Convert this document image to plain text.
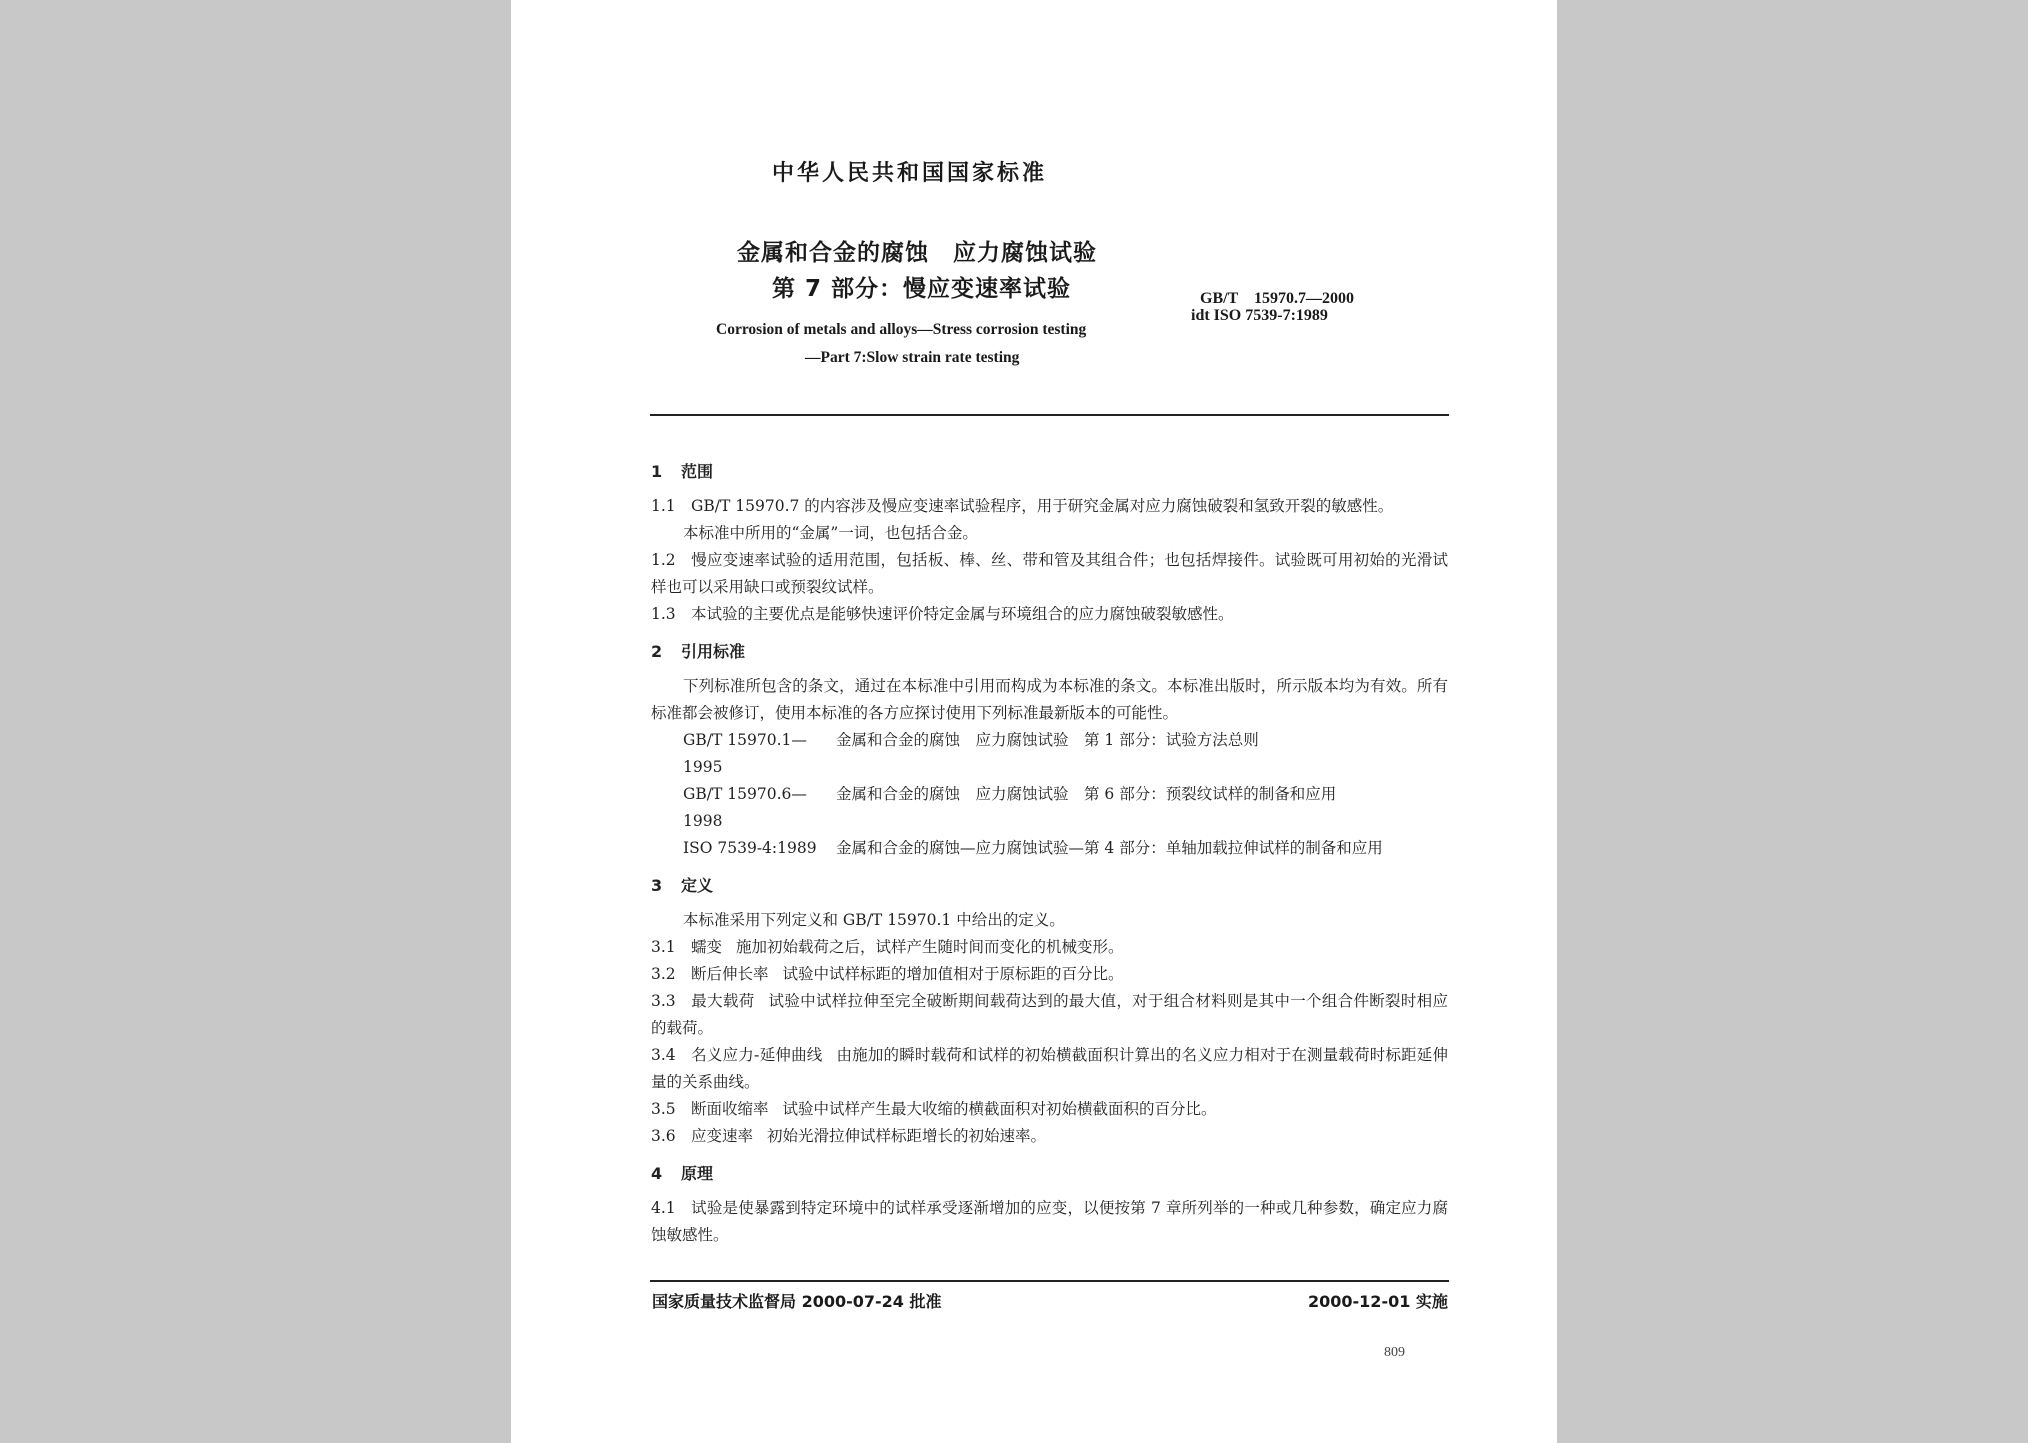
中华人民共和国国家标准
金属和合金的腐蚀　应力腐蚀试验
第 7 部分：慢应变速率试验	GB/T　15970.7—2000
idt ISO 7539-7:1989
Corrosion of metals and alloys—Stress corrosion testing
—Part 7:Slow strain rate testing
1 范围

1.1 GB/T 15970.7 的内容涉及慢应变速率试验程序，用于研究金属对应力腐蚀破裂和氢致开裂的敏感性。

本标准中所用的“金属”一词，也包括合金。

1.2 慢应变速率试验的适用范围，包括板、棒、丝、带和管及其组合件；也包括焊接件。试验既可用初始的光滑试样也可以采用缺口或预裂纹试样。

1.3 本试验的主要优点是能够快速评价特定金属与环境组合的应力腐蚀破裂敏感性。

2 引用标准

下列标准所包含的条文，通过在本标准中引用而构成为本标准的条文。本标准出版时，所示版本均为有效。所有标准都会被修订，使用本标准的各方应探讨使用下列标准最新版本的可能性。

GB/T 15970.1—1995
金属和合金的腐蚀　应力腐蚀试验　第 1 部分：试验方法总则
GB/T 15970.6—1998
金属和合金的腐蚀　应力腐蚀试验　第 6 部分：预裂纹试样的制备和应用
ISO 7539-4:1989	金属和合金的腐蚀—应力腐蚀试验—第 4 部分：单轴加载拉伸试样的制备和应用
3 定义

本标准采用下列定义和 GB/T 15970.1 中给出的定义。

3.1 蠕变 施加初始载荷之后，试样产生随时间而变化的机械变形。

3.2 断后伸长率 试验中试样标距的增加值相对于原标距的百分比。

3.3 最大载荷 试验中试样拉伸至完全破断期间载荷达到的最大值，对于组合材料则是其中一个组合件断裂时相应的载荷。

3.4 名义应力-延伸曲线 由施加的瞬时载荷和试样的初始横截面积计算出的名义应力相对于在测量载荷时标距延伸量的关系曲线。

3.5 断面收缩率 试验中试样产生最大收缩的横截面积对初始横截面积的百分比。

3.6 应变速率 初始光滑拉伸试样标距增长的初始速率。

4 原理

4.1 试验是使暴露到特定环境中的试样承受逐渐增加的应变，以便按第 7 章所列举的一种或几种参数，确定应力腐蚀敏感性。

国家质量技术监督局 2000-07-24 批准	2000-12-01 实施
809
